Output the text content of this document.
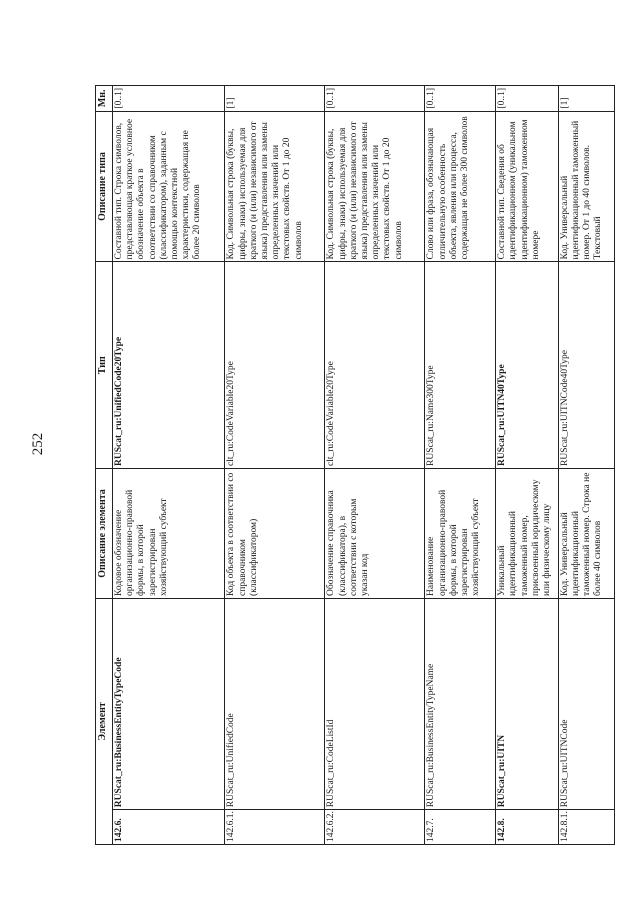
252
Элемент		Описание элемента	Тип	Описание типа	Мн.
142.6.	RUScat_ru:BusinessEntityTypeCode	Кодовое обозначение организационно-правовой формы, в которой зарегистрирован хозяйствующий субъект	RUScat_ru:UnifiedCode20Type	Составной тип. Строка символов, представляющая краткое условное обозначение объекта в соответствии со справочником (классификатором), заданным с помощью контекстной характеристики, содержащая не более 20 символов	[0..1]
142.6.1.	RUScat_ru:UnifiedCode	Код объекта в соответствии со справочником (классификатором)	clt_ru:CodeVariable20Type	Код. Символьная строка (буквы, цифры, знаки) используемая для краткого (и (или) независимого от языка) представления или замены определенных значений или текстовых свойств. От 1 до 20 символов	[1]
142.6.2.	RUScat_ru:CodeListId	Обозначение справочника (классификатора), в соответствии с которым указан код	clt_ru:CodeVariable20Type	Код. Символьная строка (буквы, цифры, знаки) используемая для краткого (и (или) независимого от языка) представления или замены определенных значений или текстовых свойств. От 1 до 20 символов	[0..1]
142.7.	RUScat_ru:BusinessEntityTypeName	Наименование организационно-правовой формы, в которой зарегистрирован хозяйствующий субъект	RUScat_ru:Name300Type	Слово или фраза, обозначающая отличительную особенность объекта, явления или процесса, содержащая не более 300 символов	[0..1]
142.8.	RUScat_ru:UITN	Уникальный идентификационный таможенный номер, присвоенный юридическому или физическому лицу	RUScat_ru:UITN40Type	Составной тип. Сведения об идентификационном (уникальном идентификационном) таможенном номере	[0..1]
142.8.1.	RUScat_ru:UITNCode	Код. Универсальный идентификационный таможенный номер. Строка не более 40 символов	RUScat_ru:UITNCode40Type	Код. Универсальный идентификационный таможенный номер. От 1 до 40 символов. Текстовый	[1]
